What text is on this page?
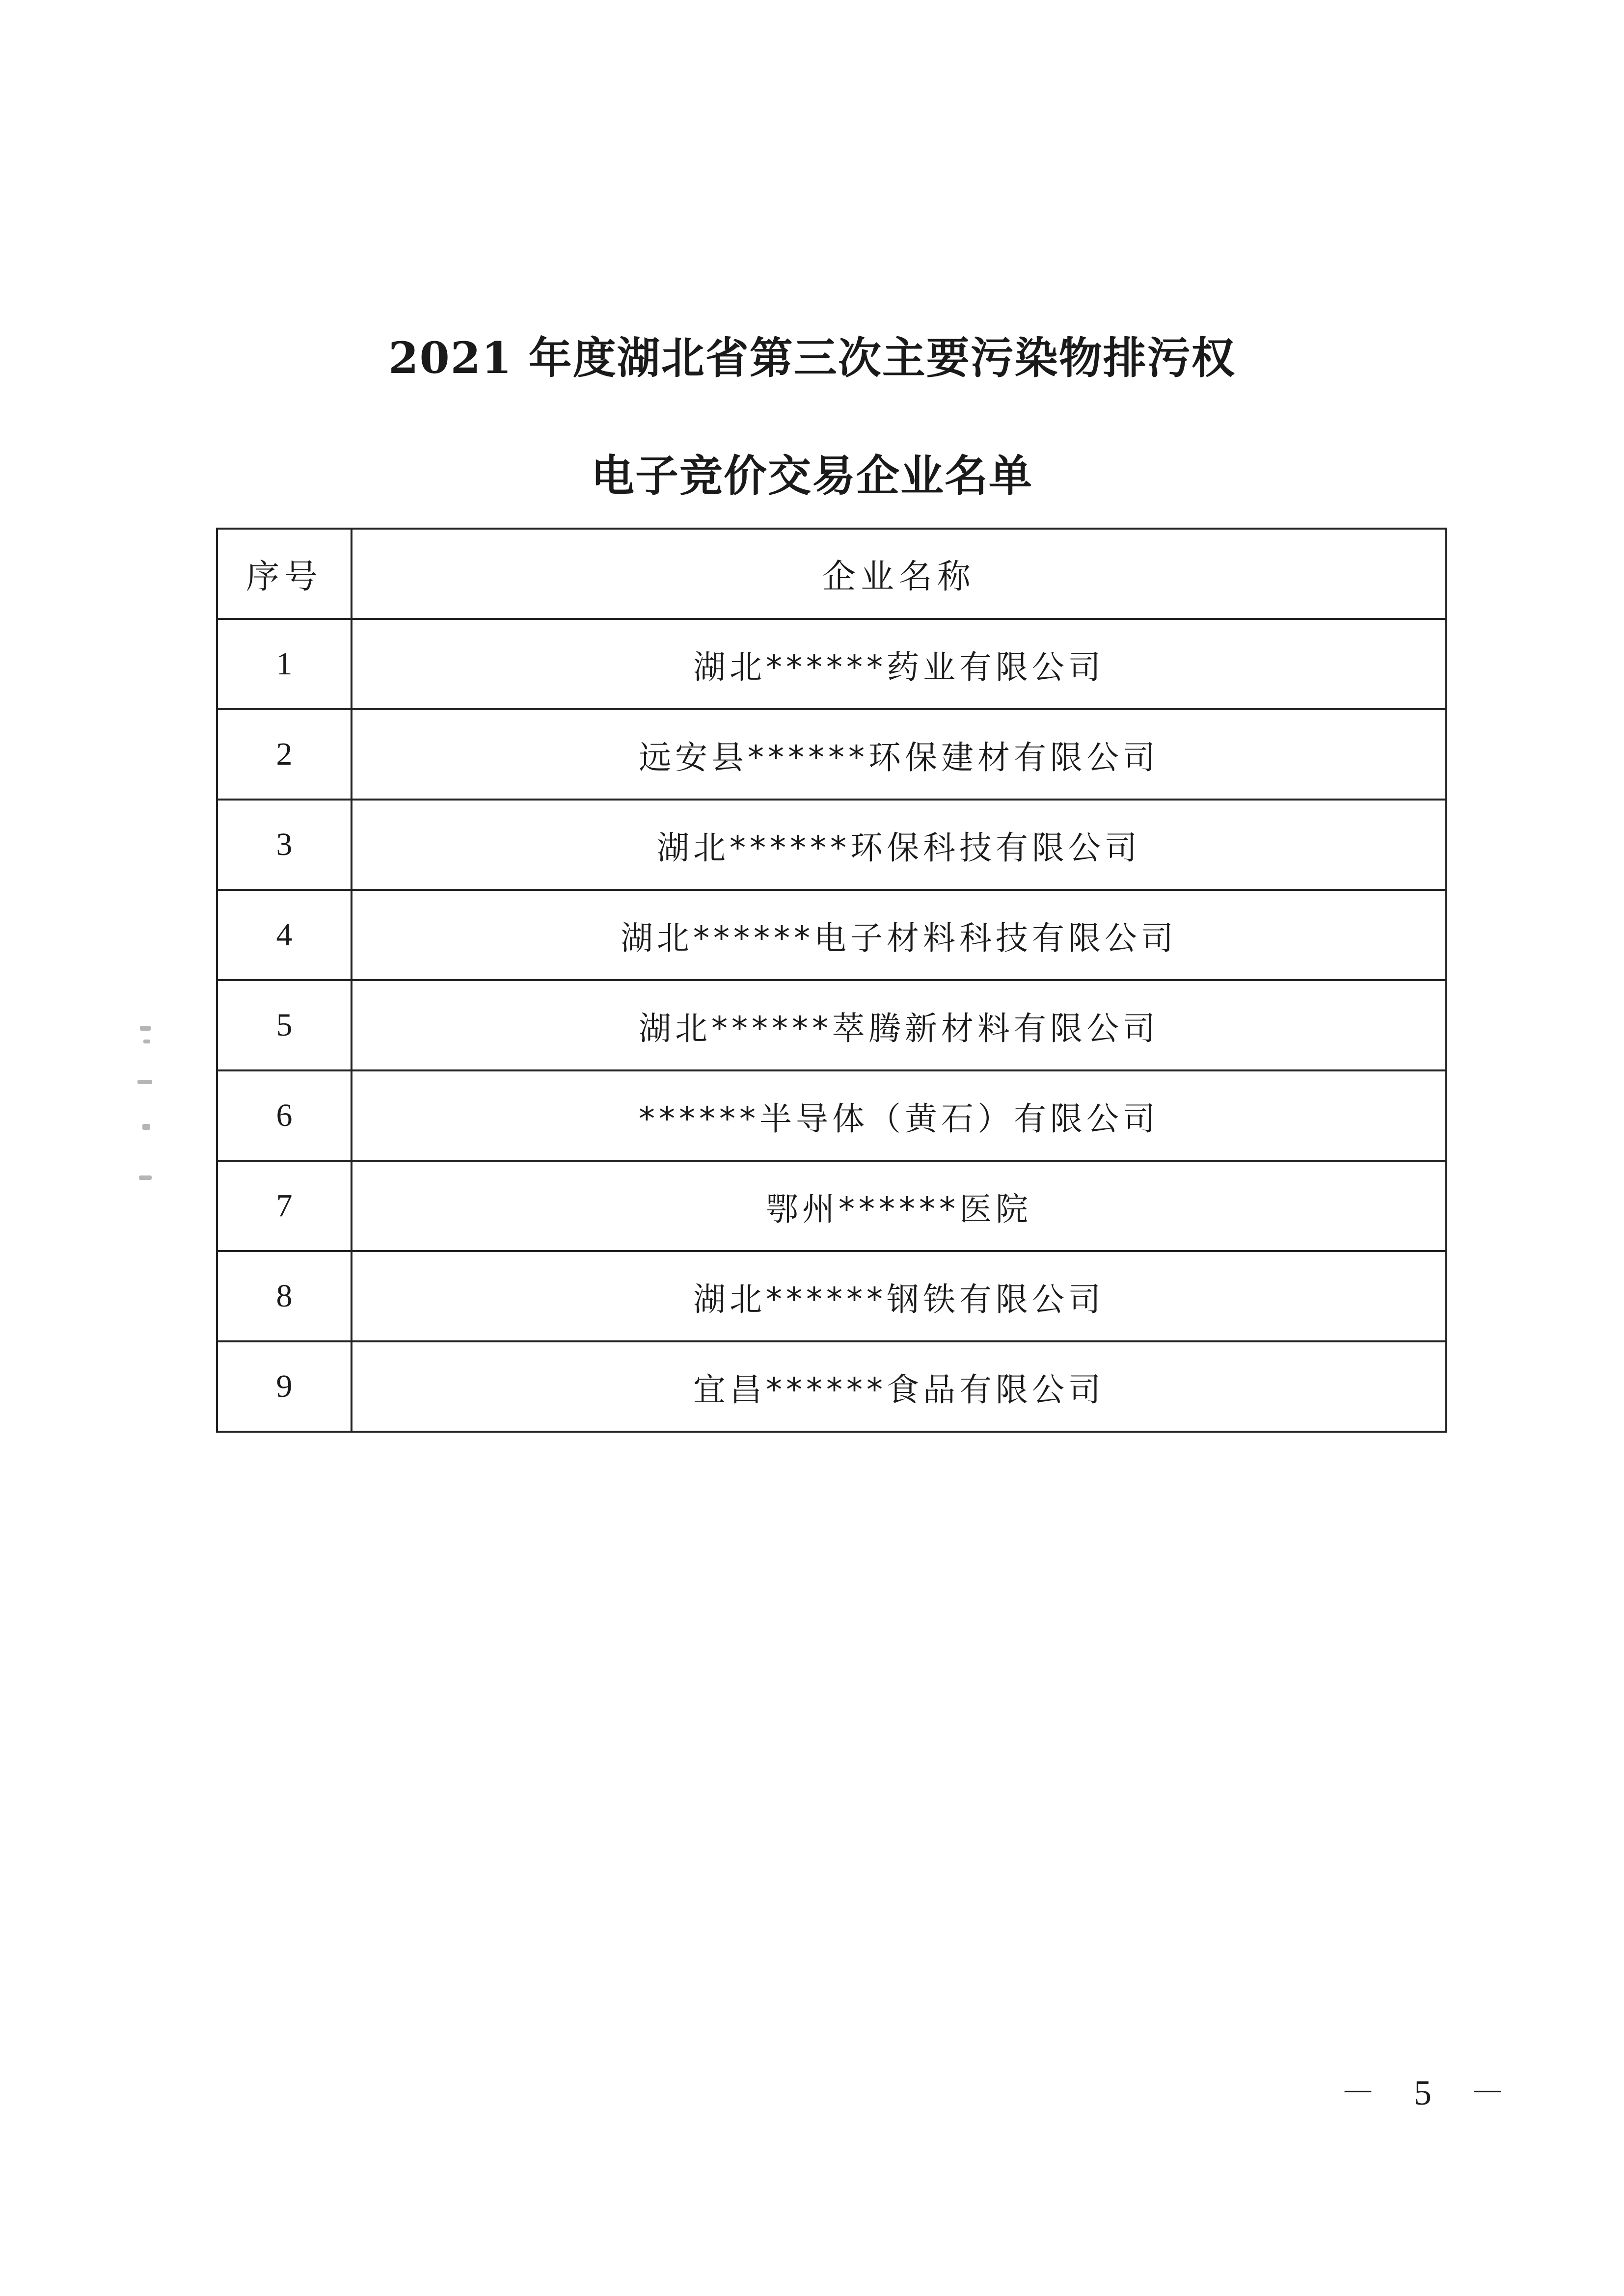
2021 年度湖北省第三次主要污染物排污权
电子竞价交易企业名单
序号	企业名称
1	湖北******药业有限公司
2	远安县******环保建材有限公司
3	湖北******环保科技有限公司
4	湖北******电子材料科技有限公司
5	湖北******萃腾新材料有限公司
6	******半导体（黄石）有限公司
7	鄂州******医院
8	湖北******钢铁有限公司
9	宜昌******食品有限公司
－ 5 －
